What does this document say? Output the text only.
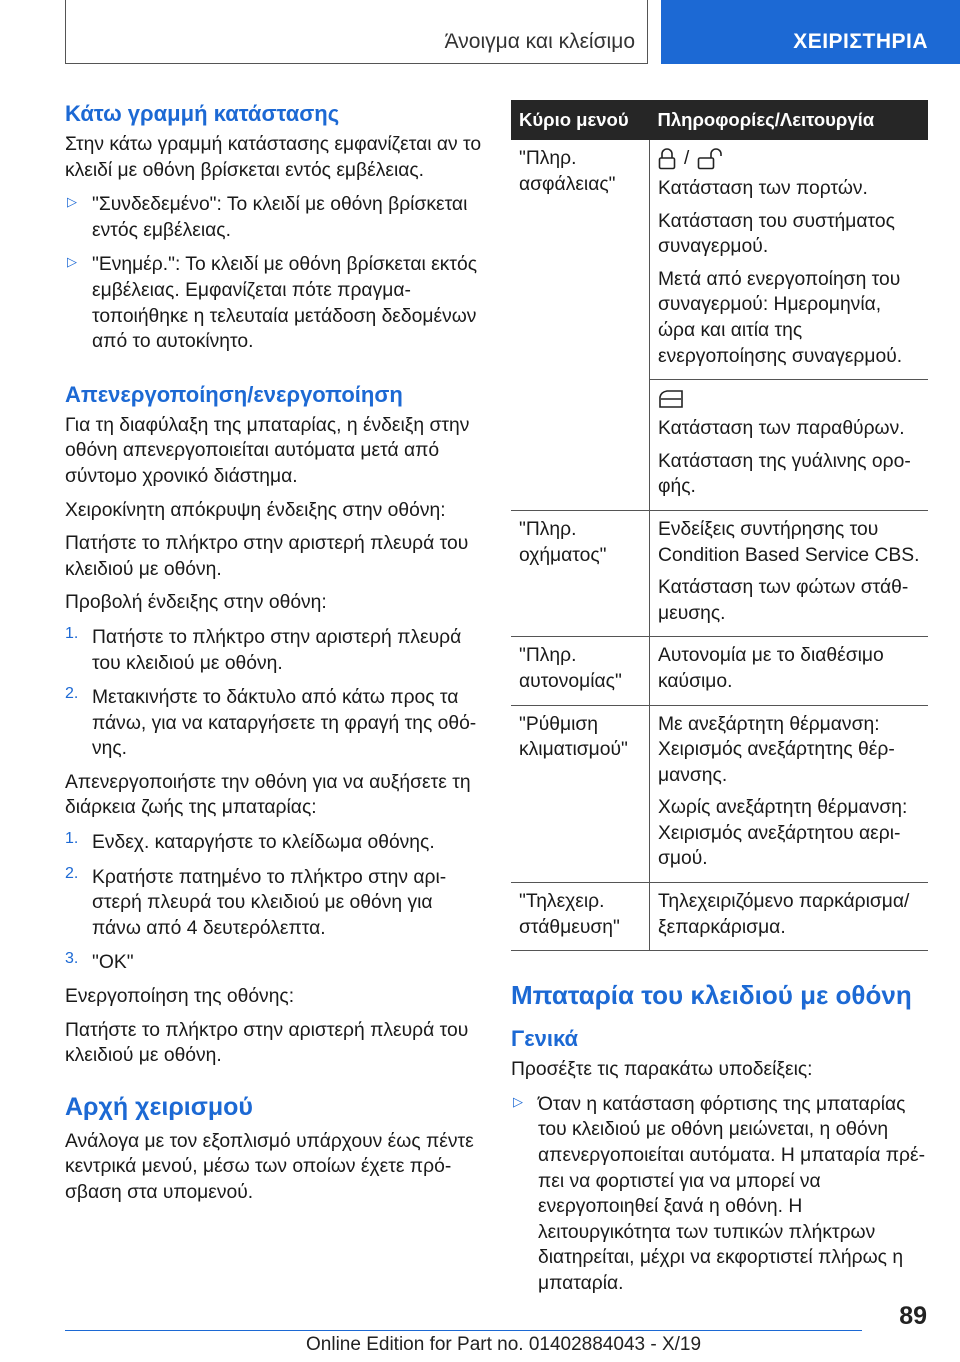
Άνοιγμα και κλείσιμο	ΧΕΙΡΙΣΤΗΡΙΑ
Κάτω γραμμή κατάστασης

Στην κάτω γραμμή κατάστασης εμφανίζεται αν το κλειδί με οθόνη βρίσκεται εντός εμβέλειας.

▷ "Συνδεδεμένο": Το κλειδί με οθόνη βρίσκεται εντός εμβέλειας.

▷ "Ενημέρ.": Το κλειδί με οθόνη βρίσκεται εκτός εμβέλειας. Εμφανίζεται πότε πραγματοποιήθηκε η τελευταία μετάδοση δεδομένων από το αυτοκίνητο.

Απενεργοποίηση/ενεργοποίηση

Για τη διαφύλαξη της μπαταρίας, η ένδειξη στην οθόνη απενεργοποιείται αυτόματα μετά από σύντομο χρονικό διάστημα.

Χειροκίνητη απόκρυψη ένδειξης στην οθόνη:

Πατήστε το πλήκτρο στην αριστερή πλευρά του κλειδιού με οθόνη.

Προβολή ένδειξης στην οθόνη:

1. Πατήστε το πλήκτρο στην αριστερή πλευρά του κλειδιού με οθόνη.

2. Μετακινήστε το δάκτυλο από κάτω προς τα πάνω, για να καταργήσετε τη φραγή της οθόνης.

Απενεργοποιήστε την οθόνη για να αυξήσετε τη διάρκεια ζωής της μπαταρίας:

1. Ενδεχ. καταργήστε το κλείδωμα οθόνης.

2. Κρατήστε πατημένο το πλήκτρο στην αριστερή πλευρά του κλειδιού με οθόνη για πάνω από 4 δευτερόλεπτα.

3. "OK"

Ενεργοποίηση της οθόνης:

Πατήστε το πλήκτρο στην αριστερή πλευρά του κλειδιού με οθόνη.

Αρχή χειρισμού

Ανάλογα με τον εξοπλισμό υπάρχουν έως πέντε κεντρικά μενού, μέσω των οποίων έχετε πρόσβαση στα υπομενού.

Κύριο μενού	Πληροφορίες/Λειτουργία

"Πληρ. ασφάλειας"	/

Κατάσταση των πορτών.

Κατάσταση του συστήματος συναγερμού.

Μετά από ενεργοποίηση του συναγερμού: Ημερομηνία, ώρα και αιτία της ενεργοποίησης συναγερμού.

	Κατάσταση των παραθύρων.

Κατάσταση της γυάλινης οροφής.

"Πληρ. οχήματος"	Ενδείξεις συντήρησης του Condition Based Service CBS.

Κατάσταση των φώτων στάθμευσης.

"Πληρ. αυτονομίας"	Αυτονομία με το διαθέσιμο καύσιμο.

"Ρύθμιση κλιματισμού"	Με ανεξάρτητη θέρμανση: Χειρισμός ανεξάρτητης θέρμανσης.

Χωρίς ανεξάρτητη θέρμανση: Χειρισμός ανεξάρτητου αερισμού.

"Τηλεχειρ. στάθμευση"	Τηλεχειριζόμενο παρκάρισμα/ξεπαρκάρισμα.

Μπαταρία του κλειδιού με οθόνη
Γενικά

Προσέξτε τις παρακάτω υποδείξεις:

▷ Όταν η κατάσταση φόρτισης της μπαταρίας του κλειδιού με οθόνη μειώνεται, η οθόνη απενεργοποιείται αυτόματα. Η μπαταρία πρέπει να φορτιστεί για να μπορεί να ενεργοποιηθεί ξανά η οθόνη. Η λειτουργικότητα των τυπικών πλήκτρων διατηρείται, μέχρι να εκφορτιστεί πλήρως η μπαταρία.

89
Online Edition for Part no. 01402884043 - X/19
